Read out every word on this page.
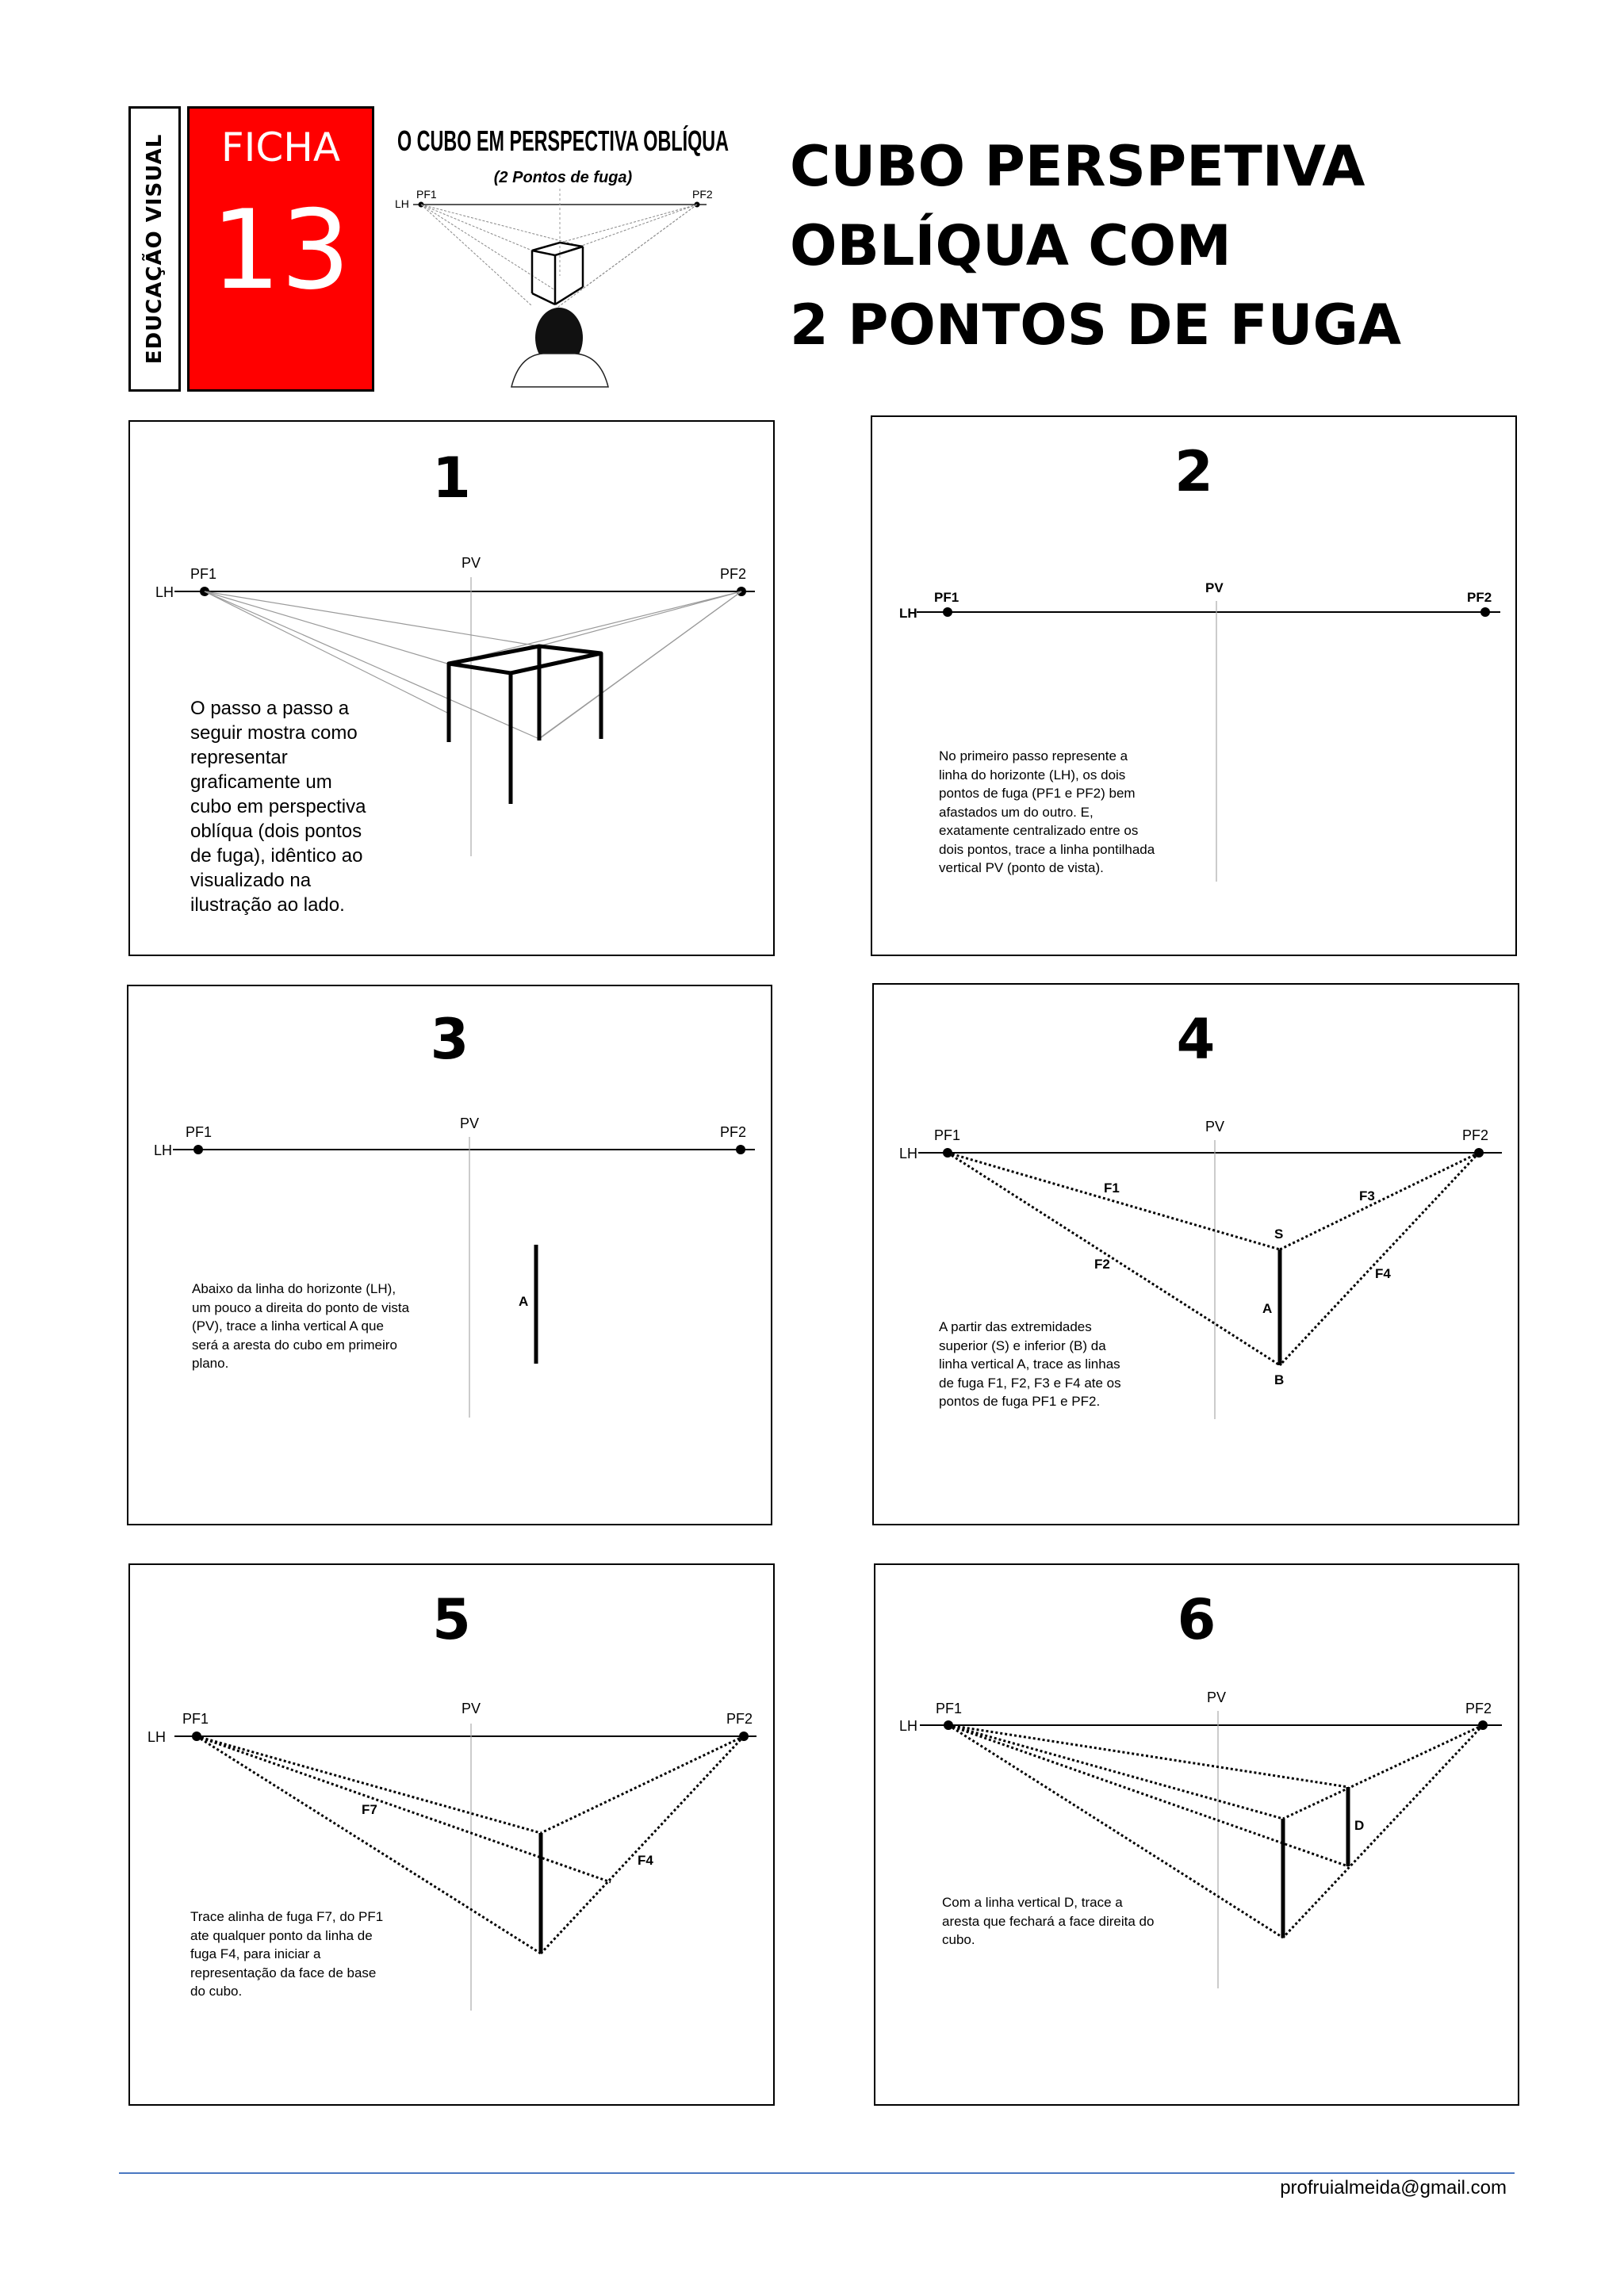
EDUCAÇÃO VISUAL	FICHA
13
O CUBO EM PERSPECTIVA OBLÍQUA
(2 Pontos de fuga)
PF1	PF2
LH
CUBO PERSPETIVA
OBLÍQUA COM
2 PONTOS DE FUGA
1
LH
PF1	PF2
PV
O passo a passo a
seguir mostra como
representar
graficamente um
cubo em perspectiva
oblíqua (dois pontos
de fuga), idêntico ao
visualizado na
ilustração ao lado.
2
LH
PF1	PF2
PV
No primeiro passo represente a
linha do horizonte (LH), os dois
pontos de fuga (PF1 e PF2) bem
afastados um do outro. E,
exatamente centralizado entre os
dois pontos, trace a linha pontilhada
vertical PV (ponto de vista).
3
LH
PF1	PF2
PV
A
Abaixo da linha do horizonte (LH),
um pouco a direita do ponto de vista
(PV), trace a linha vertical A que
será a aresta do cubo em primeiro
plano.
4
LH
PF1	PF2
PV
F1
F2
F3
F4
S
A
B
A partir das extremidades
superior (S) e inferior (B) da
linha vertical A, trace as linhas
de fuga F1, F2, F3 e F4 ate os
pontos de fuga PF1 e PF2.
5
LH
PF1	PF2
PV
F7
F4
Trace alinha de fuga F7, do PF1
ate qualquer ponto da linha de
fuga F4, para iniciar a
representação da face de base
do cubo.
6
LH
PF1	PF2
PV
D
Com a linha vertical D, trace a
aresta que fechará a face direita do
cubo.
profruialmeida@gmail.com
